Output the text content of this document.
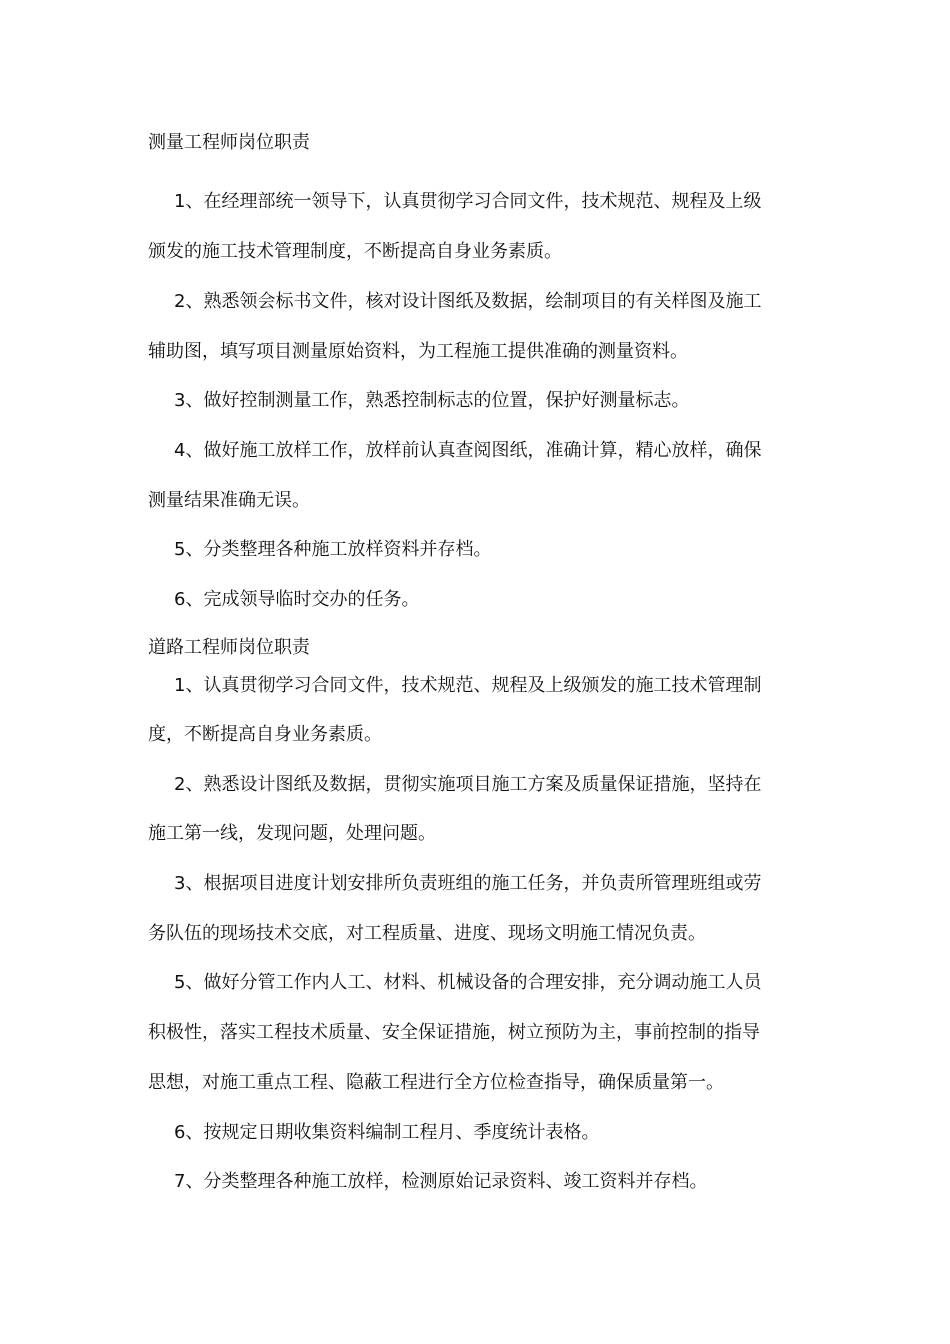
测量工程师岗位职责
1、在经理部统一领导下，认真贯彻学习合同文件，技术规范、规程及上级
颁发的施工技术管理制度，不断提高自身业务素质。
2、熟悉领会标书文件，核对设计图纸及数据，绘制项目的有关样图及施工
辅助图，填写项目测量原始资料，为工程施工提供准确的测量资料。
3、做好控制测量工作，熟悉控制标志的位置，保护好测量标志。
4、做好施工放样工作，放样前认真查阅图纸，准确计算，精心放样，确保
测量结果准确无误。
5、分类整理各种施工放样资料并存档。
6、完成领导临时交办的任务。
道路工程师岗位职责
1、认真贯彻学习合同文件，技术规范、规程及上级颁发的施工技术管理制
度，不断提高自身业务素质。
2、熟悉设计图纸及数据，贯彻实施项目施工方案及质量保证措施，坚持在
施工第一线，发现问题，处理问题。
3、根据项目进度计划安排所负责班组的施工任务，并负责所管理班组或劳
务队伍的现场技术交底，对工程质量、进度、现场文明施工情况负责。
5、做好分管工作内人工、材料、机械设备的合理安排，充分调动施工人员
积极性，落实工程技术质量、安全保证措施，树立预防为主，事前控制的指导
思想，对施工重点工程、隐蔽工程进行全方位检查指导，确保质量第一。
6、按规定日期收集资料编制工程月、季度统计表格。
7、分类整理各种施工放样，检测原始记录资料、竣工资料并存档。
